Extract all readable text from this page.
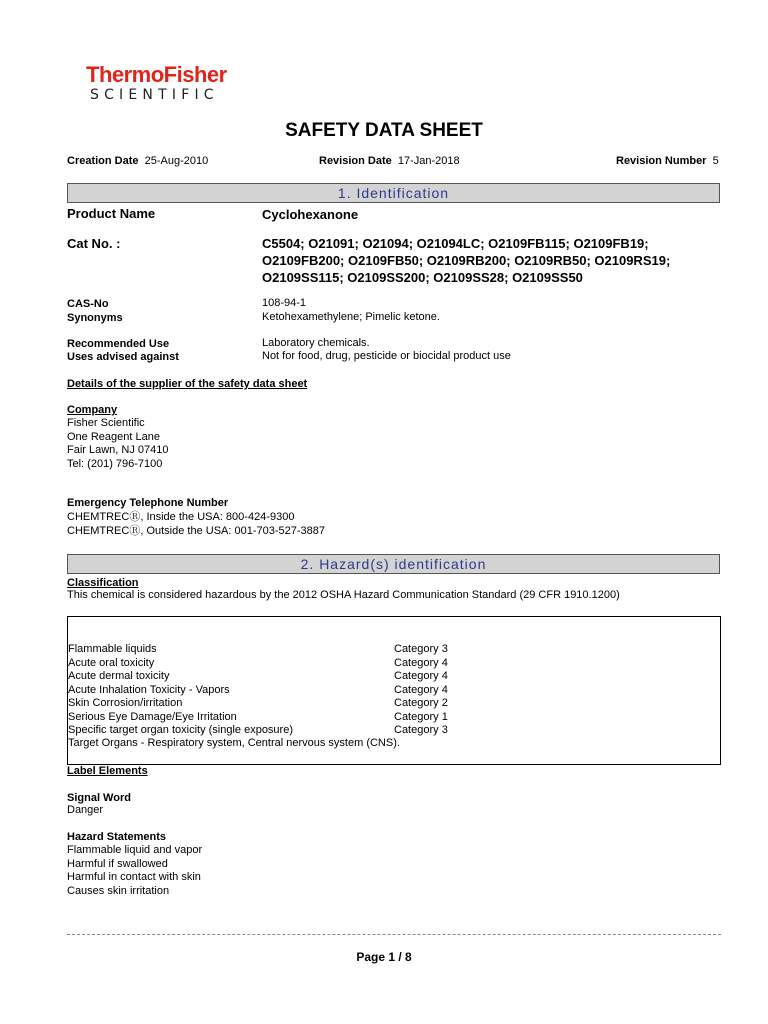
ThermoFisher
SCIENTIFIC
SAFETY DATA SHEET
Creation Date 25-Aug-2010	Revision Date 17-Jan-2018	Revision Number 5
1. Identification
Product Name	Cyclohexanone
Cat No. :	C5504; O21091; O21094; O21094LC; O2109FB115; O2109FB19;
O2109FB200; O2109FB50; O2109RB200; O2109RB50; O2109RS19;
O2109SS115; O2109SS200; O2109SS28; O2109SS50
CAS-No	108-94-1
Synonyms	Ketohexamethylene; Pimelic ketone.
Recommended Use	Laboratory chemicals.
Uses advised against	Not for food, drug, pesticide or biocidal product use
Details of the supplier of the safety data sheet
Company
Fisher Scientific
One Reagent Lane
Fair Lawn, NJ 07410
Tel: (201) 796-7100
Emergency Telephone Number
CHEMTRECⓇ, Inside the USA: 800-424-9300
CHEMTRECⓇ, Outside the USA: 001-703-527-3887
2. Hazard(s) identification
Classification
This chemical is considered hazardous by the 2012 OSHA Hazard Communication Standard (29 CFR 1910.1200)
Flammable liquids	Category 3
Acute oral toxicity	Category 4
Acute dermal toxicity	Category 4
Acute Inhalation Toxicity - Vapors	Category 4
Skin Corrosion/irritation	Category 2
Serious Eye Damage/Eye Irritation	Category 1
Specific target organ toxicity (single exposure)	Category 3
Target Organs - Respiratory system, Central nervous system (CNS).
Label Elements
Signal Word
Danger
Hazard Statements
Flammable liquid and vapor
Harmful if swallowed
Harmful in contact with skin
Causes skin irritation
Page 1 / 8
